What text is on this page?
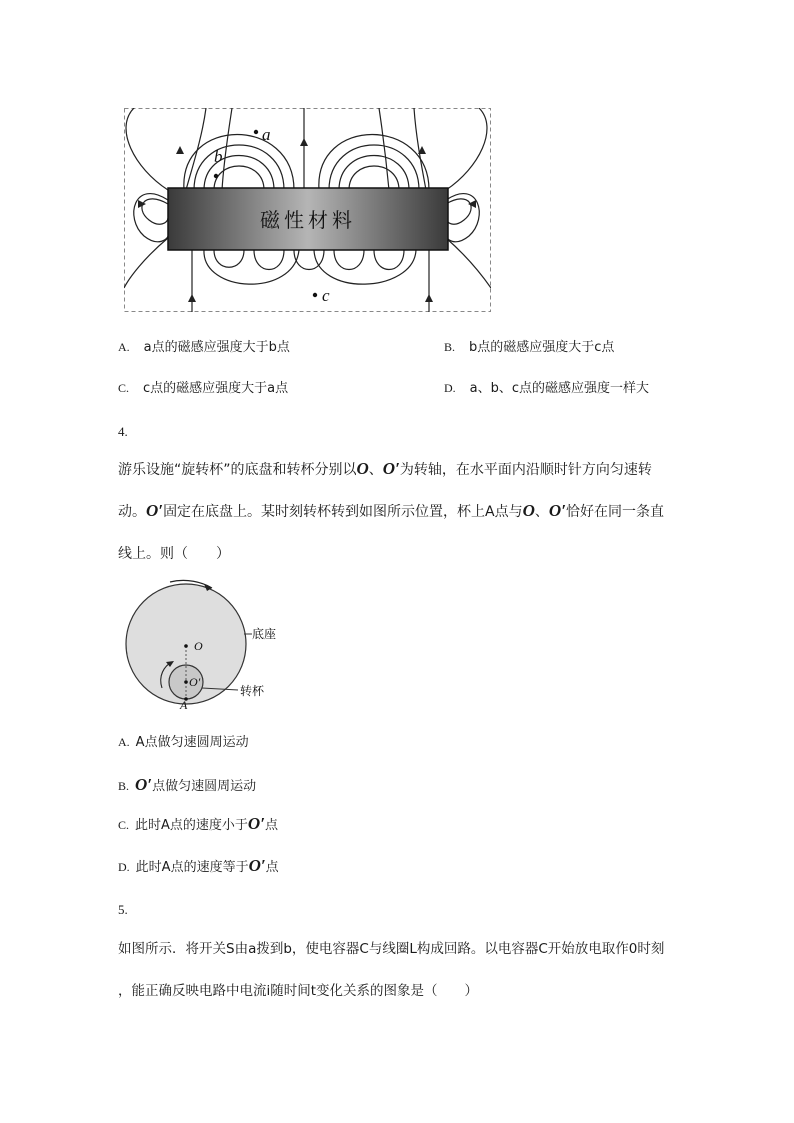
磁性材料
a
b
c
A. a点的磁感应强度大于b点	B. b点的磁感应强度大于c点
C. c点的磁感应强度大于a点	D. a、b、c点的磁感应强度一样大
4.
游乐设施“旋转杯”的底盘和转杯分别以O、O′为转轴，在水平面内沿顺时针方向匀速转
动。O′固定在底盘上。某时刻转杯转到如图所示位置，杯上A点与O、O′恰好在同一条直
线上。则（　　）
O
O′
A
底座
转杯
A. A点做匀速圆周运动
B. O′点做匀速圆周运动
C. 此时A点的速度小于O′点
D. 此时A点的速度等于O′点
5.
如图所示．将开关S由a拨到b，使电容器C与线圈L构成回路。以电容器C开始放电取作0时刻
，能正确反映电路中电流i随时间t变化关系的图象是（　　）
